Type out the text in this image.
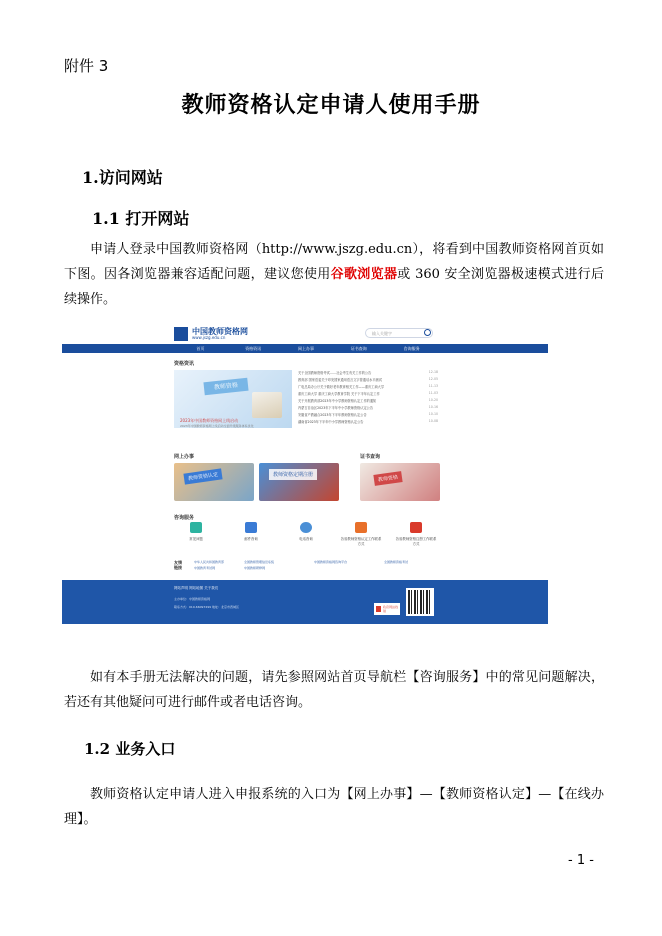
附件 3
教师资格认定申请人使用手册
1.访问网站
1.1 打开网站
申请人登录中国教师资格网（http://www.jszg.edu.cn），将看到中国教师资格网首页如下图。因各浏览器兼容适配问题，建议您使用谷歌浏览器或 360 安全浏览器极速模式进行后续操作。
中国教师资格网
www.jszg.edu.cn
输入关键字
首页	资格资讯	网上办事	证书查询	咨询服务
资格资讯
教师资格
2023年中国教师资格网上线启动
2023年中国教师资格网上线启动全面升级服务体系优化
关于全国教师资格考试……社会考生有关工作的公告	12-18
教育部 国家语委关于印发国家通用语言文字普通话水平测试	12-05
广电总局办公厅关于做好老年教育相关工作——重庆工商大学	11-13
重庆工商大学 重庆工商大学教育学院 关于下半年认定工作	11-03
关于开展教育部2023年中小学教师资格认定工作的通知	10-20
内蒙古自治区2023年下半年中小学教师资格认定公告	10-16
安徽省产教融合2023年下半年教师资格认定公告	10-10
湖南省2023年下半年中小学教师资格认定公告	10-08
网上办事	证书查询
教师资格认定	教师资格定期注册	教师资格
咨询服务
常见问题	邮件咨询	电话咨询	各省教师资格认定工作联系方式
各省教师资格注册工作联系方式
友情链接
中华人民共和国教育部
中国教育考试网
全国教师管理信息系统
中国教师研修网
中国教师资格网咨询平台	全国教师资格考试
网站声明 网站地图 关于我们
主办单位：中国教师资格网
联系方式：010-66097299 地址：北京市西城区	政府网站找错
如有本手册无法解决的问题，请先参照网站首页导航栏【咨询服务】中的常见问题解决，若还有其他疑问可进行邮件或者电话咨询。
1.2 业务入口
教师资格认定申请人进入申报系统的入口为【网上办事】—【教师资格认定】—【在线办理】。
- 1 -
